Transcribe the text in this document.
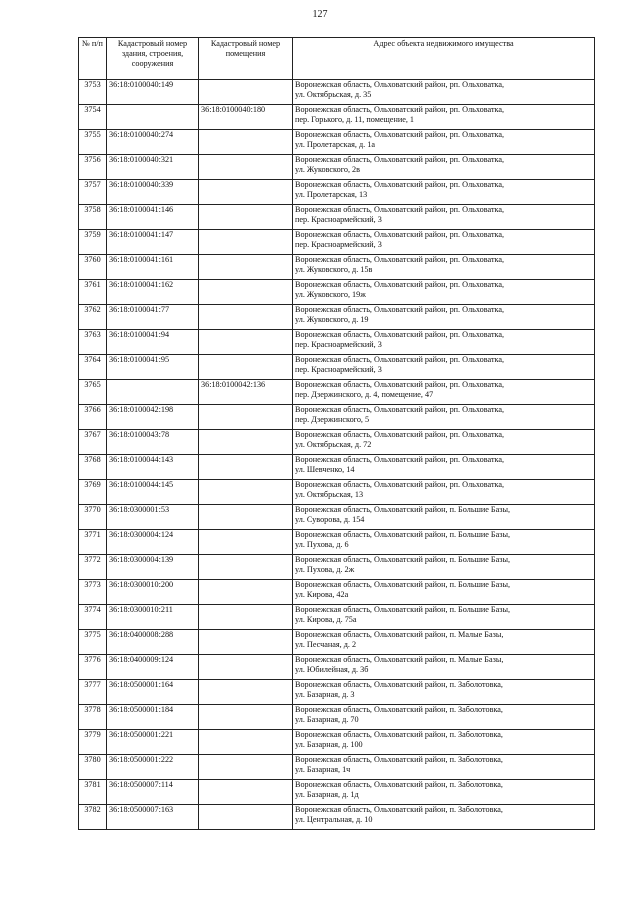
127
№ п/п	Кадастровый номер здания, строения, сооружения	Кадастровый номер помещения	Адрес объекта недвижимого имущества
3753	36:18:0100040:149		Воронежская область, Ольховатский район, рп. Ольховатка,
ул. Октябрьская, д. 35

3754		36:18:0100040:180	Воронежская область, Ольховатский район, рп. Ольховатка,
пер. Горького, д. 11, помещение, 1

3755	36:18:0100040:274		Воронежская область, Ольховатский район, рп. Ольховатка,
ул. Пролетарская, д. 1а

3756	36:18:0100040:321		Воронежская область, Ольховатский район, рп. Ольховатка,
ул. Жуковского, 2в

3757	36:18:0100040:339		Воронежская область, Ольховатский район, рп. Ольховатка,
ул. Пролетарская, 13

3758	36:18:0100041:146		Воронежская область, Ольховатский район, рп. Ольховатка,
пер. Красноармейский, 3

3759	36:18:0100041:147		Воронежская область, Ольховатский район, рп. Ольховатка,
пер. Красноармейский, 3

3760	36:18:0100041:161		Воронежская область, Ольховатский район, рп. Ольховатка,
ул. Жуковского, д. 15в

3761	36:18:0100041:162		Воронежская область, Ольховатский район, рп. Ольховатка,
ул. Жуковского, 19ж

3762	36:18:0100041:77		Воронежская область, Ольховатский район, рп. Ольховатка,
ул. Жуковского, д. 19

3763	36:18:0100041:94		Воронежская область, Ольховатский район, рп. Ольховатка,
пер. Красноармейский, 3

3764	36:18:0100041:95		Воронежская область, Ольховатский район, рп. Ольховатка,
пер. Красноармейский, 3

3765		36:18:0100042:136	Воронежская область, Ольховатский район, рп. Ольховатка,
пер. Дзержинского, д. 4, помещение, 47

3766	36:18:0100042:198		Воронежская область, Ольховатский район, рп. Ольховатка,
пер. Дзержинского, 5

3767	36:18:0100043:78		Воронежская область, Ольховатский район, рп. Ольховатка,
ул. Октябрьская, д. 72

3768	36:18:0100044:143		Воронежская область, Ольховатский район, рп. Ольховатка,
ул. Шевченко, 14

3769	36:18:0100044:145		Воронежская область, Ольховатский район, рп. Ольховатка,
ул. Октябрьская, 13

3770	36:18:0300001:53		Воронежская область, Ольховатский район, п. Большие Базы,
ул. Суворова, д. 154

3771	36:18:0300004:124		Воронежская область, Ольховатский район, п. Большие Базы,
ул. Пухова, д. 6

3772	36:18:0300004:139		Воронежская область, Ольховатский район, п. Большие Базы,
ул. Пухова, д. 2ж

3773	36:18:0300010:200		Воронежская область, Ольховатский район, п. Большие Базы,
ул. Кирова, 42а

3774	36:18:0300010:211		Воронежская область, Ольховатский район, п. Большие Базы,
ул. Кирова, д. 75а

3775	36:18:0400008:288		Воронежская область, Ольховатский район, п. Малые Базы,
ул. Песчаная, д. 2

3776	36:18:0400009:124		Воронежская область, Ольховатский район, п. Малые Базы,
ул. Юбилейная, д. 3б

3777	36:18:0500001:164		Воронежская область, Ольховатский район, п. Заболотовка,
ул. Базарная, д. 3

3778	36:18:0500001:184		Воронежская область, Ольховатский район, п. Заболотовка,
ул. Базарная, д. 70

3779	36:18:0500001:221		Воронежская область, Ольховатский район, п. Заболотовка,
ул. Базарная, д. 100

3780	36:18:0500001:222		Воронежская область, Ольховатский район, п. Заболотовка,
ул. Базарная, 1ч

3781	36:18:0500007:114		Воронежская область, Ольховатский район, п. Заболотовка,
ул. Базарная, д. 1д

3782	36:18:0500007:163		Воронежская область, Ольховатский район, п. Заболотовка,
ул. Центральная, д. 10
